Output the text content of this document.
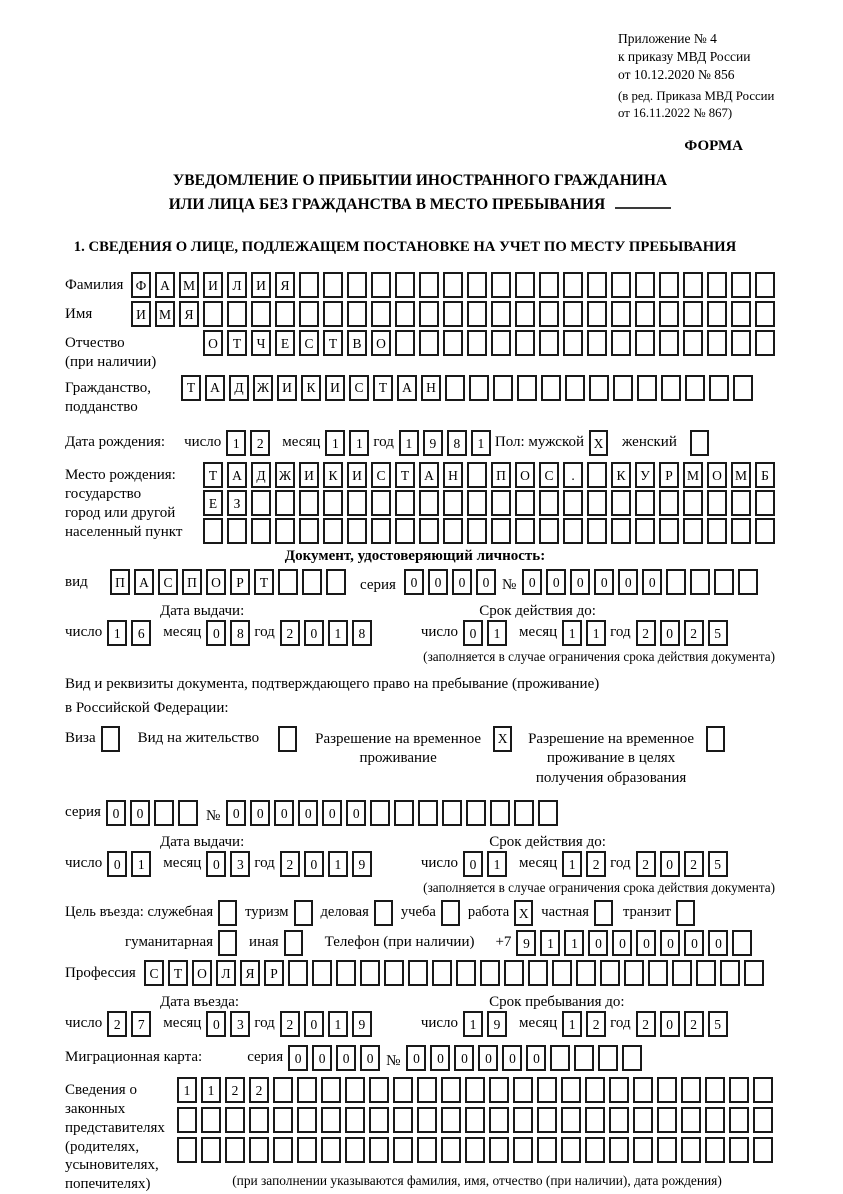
Приложение № 4
к приказу МВД России
от 10.12.2020 № 856
(в ред. Приказа МВД России
от 16.11.2022 № 867)
ФОРМА
УВЕДОМЛЕНИЕ О ПРИБЫТИИ ИНОСТРАННОГО ГРАЖДАНИНА
ИЛИ ЛИЦА БЕЗ ГРАЖДАНСТВА В МЕСТО ПРЕБЫВАНИЯ
1. СВЕДЕНИЯ О ЛИЦЕ, ПОДЛЕЖАЩЕМ ПОСТАНОВКЕ НА УЧЕТ ПО МЕСТУ ПРЕБЫВАНИЯ
Фамилия Ф	А М И	Л	И	Я
Имя	И М Я
Отчество
(при наличии)
О	Т	Ч	Е	С	Т	В	О
Гражданство,
подданство
Т	А	Д Ж И	К	И	С	Т	А	Н
Дата рождения: число 1	2	месяц 1	1 год 1	9	8	1 Пол: мужской X	женский
Место рождения:
государство
город или другой
населенный пункт
Т	А	Д Ж И	К	И	С	Т	А	Н	П	О	С	.	К	У	Р	М О М	Б
Е	З
Документ, удостоверяющий личность:
вид	П	А	С	П	О	Р	Т	серия	0	0	0	0 № 0	0	0	0	0	0
Дата выдачи:	Срок действия до:
число 1	6	месяц 0	8 год 2	0	1	8	число 0	1	месяц 1	1 год 2	0	2	5
(заполняется в случае ограничения срока действия документа)
Вид и реквизиты документа, подтверждающего право на пребывание (проживание)
в Российской Федерации:
Виза	Вид на жительство	Разрешение на временное
проживание
X	Разрешение на временное
проживание в целях
получения образования
серия 0	0	№ 0	0	0	0	0	0
Дата выдачи:	Срок действия до:
число 0	1	месяц 0	3 год 2	0	1	9	число 0	1	месяц 1	2 год 2	0	2	5
(заполняется в случае ограничения срока действия документа)
Цель въезда: служебная туризм деловая учеба работа X частная транзит
гуманитарная иная	Телефон (при наличии) +7 9	1	1	0	0	0	0	0	0
Профессия	С	Т	О	Л	Я	Р
Дата въезда:	Срок пребывания до:
число 2	7	месяц 0	3 год 2	0	1	9	число 1	9	месяц 1	2 год 2	0	2	5
Миграционная карта:	серия 0	0	0	0 № 0	0	0	0	0	0
Сведения о
законных
представителях
(родителях,
усыновителях,
попечителях)
1	1	2	2
(при заполнении указываются фамилия, имя, отчество (при наличии), дата рождения)
